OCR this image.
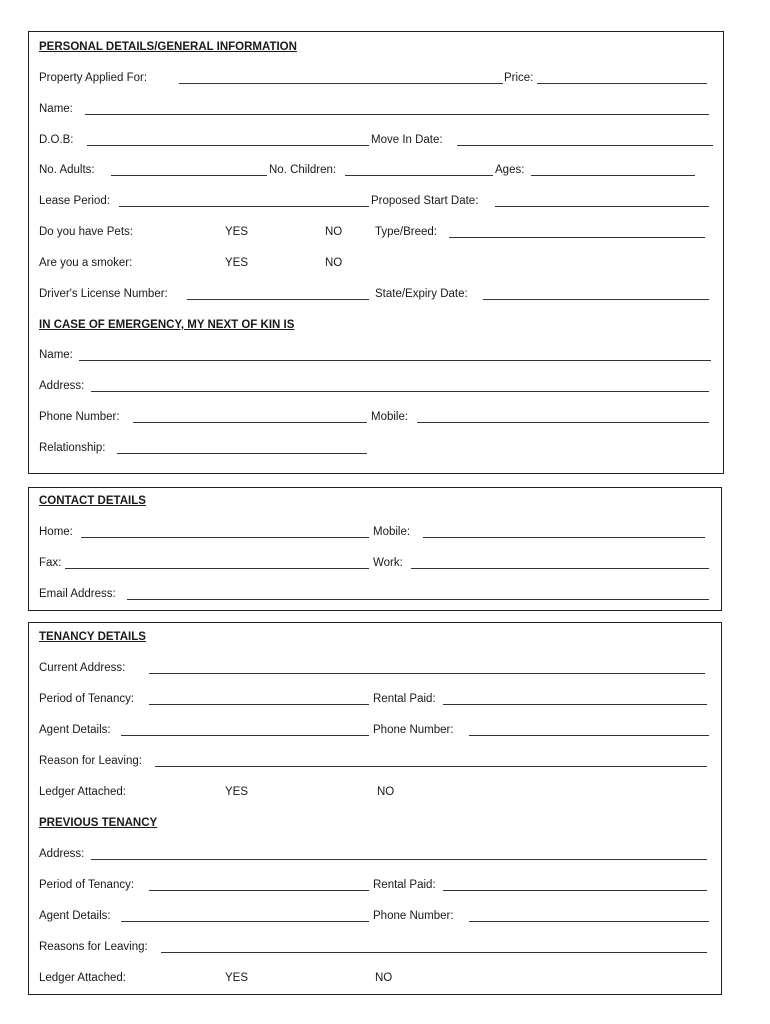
PERSONAL DETAILS/GENERAL INFORMATION
Property Applied For:	Price:
Name:
D.O.B:	Move In Date:
No. Adults:	No. Children:	Ages:
Lease Period:	Proposed Start Date:
Do you have Pets:	YES	NO	Type/Breed:
Are you a smoker:	YES	NO
Driver's License Number:	State/Expiry Date:
IN CASE OF EMERGENCY, MY NEXT OF KIN IS
Name:
Address:
Phone Number:	Mobile:
Relationship:
CONTACT DETAILS
Home:	Mobile:
Fax:	Work:
Email Address:
TENANCY DETAILS
Current Address:
Period of Tenancy:	Rental Paid:
Agent Details:	Phone Number:
Reason for Leaving:
Ledger Attached:	YES	NO
PREVIOUS TENANCY
Address:
Period of Tenancy:	Rental Paid:
Agent Details:	Phone Number:
Reasons for Leaving:
Ledger Attached:	YES	NO
